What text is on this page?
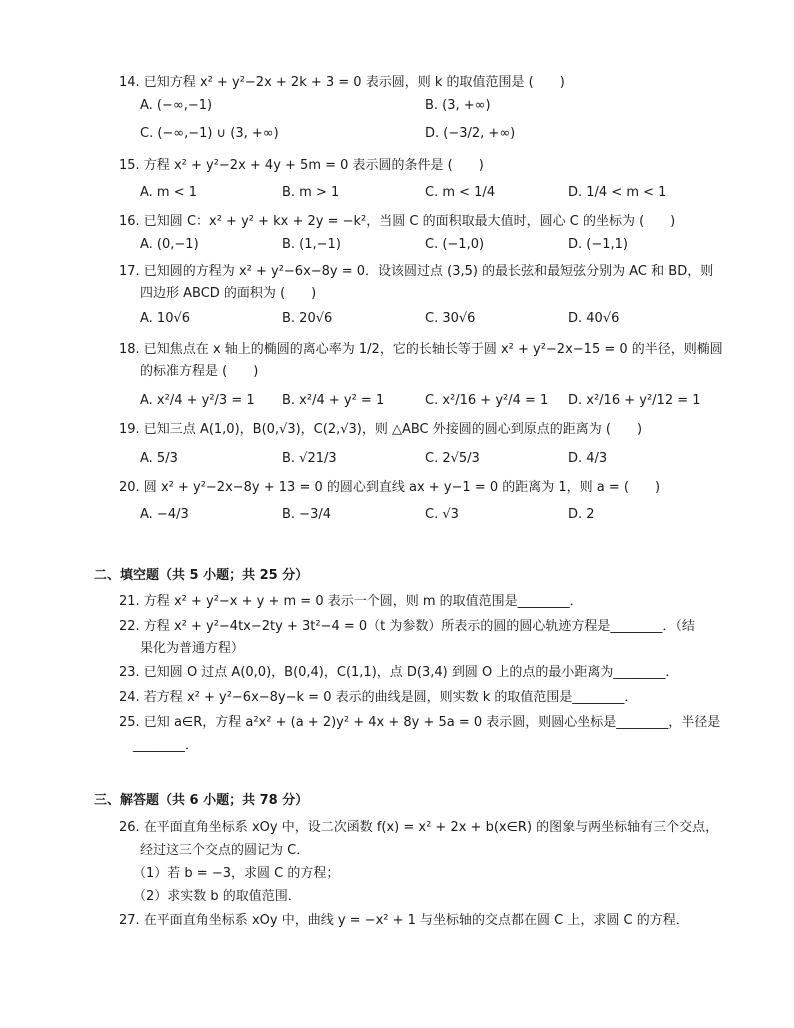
14. 已知方程 x² + y²−2x + 2k + 3 = 0 表示圆，则 k 的取值范围是 (　　)
A. (−∞,−1)	B. (3, +∞)
C. (−∞,−1) ∪ (3, +∞)	D. (−3/2, +∞)
15. 方程 x² + y²−2x + 4y + 5m = 0 表示圆的条件是 (　　)
A. m < 1	B. m > 1	C. m < 1/4	D. 1/4 < m < 1
16. 已知圆 C：x² + y² + kx + 2y = −k²，当圆 C 的面积取最大值时，圆心 C 的坐标为 (　　)
A. (0,−1)	B. (1,−1)	C. (−1,0)	D. (−1,1)
17. 已知圆的方程为 x² + y²−6x−8y = 0．设该圆过点 (3,5) 的最长弦和最短弦分别为 AC 和 BD，则
四边形 ABCD 的面积为 (　　)
A. 10√6	B. 20√6	C. 30√6	D. 40√6
18. 已知焦点在 x 轴上的椭圆的离心率为 1/2，它的长轴长等于圆 x² + y²−2x−15 = 0 的半径，则椭圆
的标准方程是 (　　)
A. x²/4 + y²/3 = 1 B. x²/4 + y² = 1	C. x²/16 + y²/4 = 1 D. x²/16 + y²/12 = 1
19. 已知三点 A(1,0)，B(0,√3)，C(2,√3)，则 △ABC 外接圆的圆心到原点的距离为 (　　)
A. 5/3	B. √21/3	C. 2√5/3	D. 4/3
20. 圆 x² + y²−2x−8y + 13 = 0 的圆心到直线 ax + y−1 = 0 的距离为 1，则 a = (　　)
A. −4/3	B. −3/4	C. √3	D. 2
二、填空题（共 5 小题；共 25 分）
21. 方程 x² + y²−x + y + m = 0 表示一个圆，则 m 的取值范围是________．
22. 方程 x² + y²−4tx−2ty + 3t²−4 = 0（t 为参数）所表示的圆的圆心轨迹方程是________．（结
果化为普通方程）
23. 已知圆 O 过点 A(0,0)，B(0,4)，C(1,1)，点 D(3,4) 到圆 O 上的点的最小距离为________．
24. 若方程 x² + y²−6x−8y−k = 0 表示的曲线是圆，则实数 k 的取值范围是________．
25. 已知 a∈R，方程 a²x² + (a + 2)y² + 4x + 8y + 5a = 0 表示圆，则圆心坐标是________，半径是
________．
三、解答题（共 6 小题；共 78 分）
26. 在平面直角坐标系 xOy 中，设二次函数 f(x) = x² + 2x + b(x∈R) 的图象与两坐标轴有三个交点，
经过这三个交点的圆记为 C．
（1）若 b = −3，求圆 C 的方程；
（2）求实数 b 的取值范围．
27. 在平面直角坐标系 xOy 中，曲线 y = −x² + 1 与坐标轴的交点都在圆 C 上，求圆 C 的方程．
